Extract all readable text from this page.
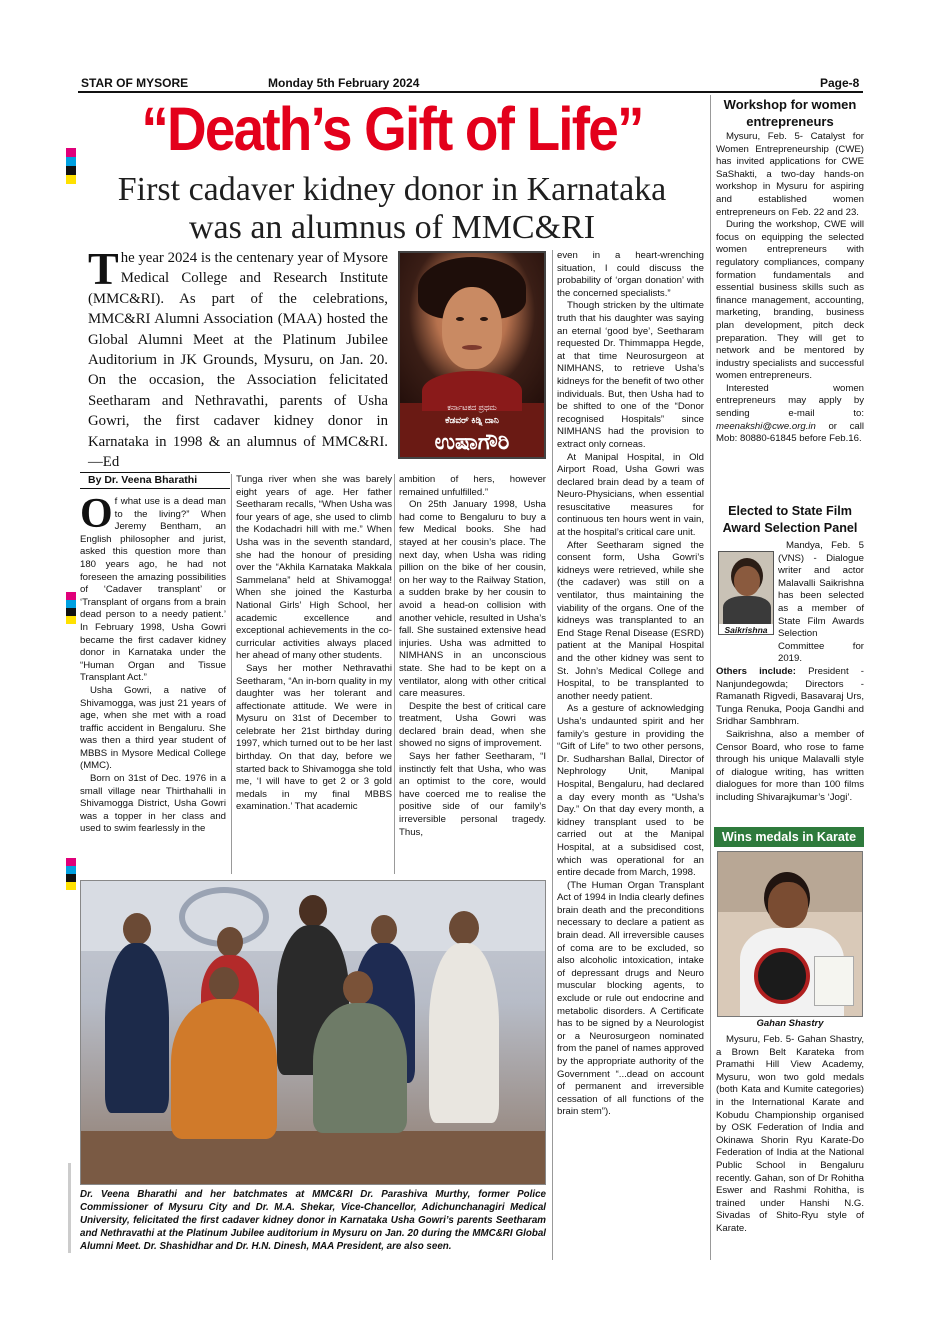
STAR OF MYSORE	Monday 5th February 2024	Page-8
“Death’s Gift of Life”
First cadaver kidney donor in Karnataka
was an alumnus of MMC&RI
T he year 2024 is the centenary year of Mysore Medical College and Research Institute (MMC&RI). As part of the celebrations, MMC&RI Alumni Association (MAA) hosted the Global Alumni Meet at the Platinum Jubilee Auditorium in JK Grounds, Mysuru, on Jan. 20. On the occasion, the Association felicitated Seetharam and Nethravathi, parents of Usha Gowri, the first cadaver kidney donor in Karnataka in 1998 & an alumnus of MMC&RI. —Ed
ಕರ್ನಾಟಕದ ಪ್ರಥಮ
ಕೆಡವರ್ ಕಿಡ್ನಿ ದಾನಿ
ಉಷಾಗೌರಿ
By Dr. Veena Bharathi

O f what use is a dead man to the living?” When Jeremy Bentham, an English philosopher and jurist, asked this question more than 180 years ago, he had not foreseen the amazing possibilities of ‘Cadaver transplant’ or ‘Transplant of organs from a brain dead person to a needy patient.’ In February 1998, Usha Gowri became the first cadaver kidney donor in Karnataka under the “Human Organ and Tissue Transplant Act.”

Usha Gowri, a native of Shivamogga, was just 21 years of age, when she met with a road traffic accident in Bengaluru. She was then a third year student of MBBS in Mysore Medical College (MMC).

Born on 31st of Dec. 1976 in a small village near Thirthahalli in Shivamogga District, Usha Gowri was a topper in her class and used to swim fearlessly in the

Tunga river when she was barely eight years of age. Her father Seetharam recalls, “When Usha was four years of age, she used to climb the Kodachadri hill with me.” When Usha was in the seventh standard, she had the honour of presiding over the “Akhila Karnataka Makkala Sammelana” held at Shivamogga! When she joined the Kasturba National Girls’ High School, her academic excellence and exceptional achievements in the co-curricular activities always placed her ahead of many other students.

Says her mother Nethravathi Seetharam, “An in-born quality in my daughter was her tolerant and affectionate attitude. We were in Mysuru on 31st of December to celebrate her 21st birthday during 1997, which turned out to be her last birthday. On that day, before we started back to Shivamogga she told me, ‘I will have to get 2 or 3 gold medals in my final MBBS examination.’ That academic

ambition of hers, however remained unfulfilled.”

On 25th January 1998, Usha had come to Bengaluru to buy a few Medical books. She had stayed at her cousin’s place. The next day, when Usha was riding pillion on the bike of her cousin, on her way to the Railway Station, a sudden brake by her cousin to avoid a head-on collision with another vehicle, resulted in Usha’s fall. She sustained extensive head injuries. Usha was admitted to NIMHANS in an unconscious state. She had to be kept on a ventilator, along with other critical care measures.

Despite the best of critical care treatment, Usha Gowri was declared brain dead, when she showed no signs of improvement.

Says her father Seetharam, “I instinctly felt that Usha, who was an optimist to the core, would have coerced me to realise the positive side of our family’s irreversible personal tragedy. Thus,

even in a heart-wrenching situation, I could discuss the probability of ‘organ donation’ with the concerned specialists.”

Though stricken by the ultimate truth that his daughter was saying an eternal ‘good bye’, Seetharam requested Dr. Thimmappa Hegde, at that time Neurosurgeon at NIMHANS, to retrieve Usha’s kidneys for the benefit of two other individuals. But, then Usha had to be shifted to one of the “Donor recognised Hospitals” since NIMHANS had the provision to extract only corneas.

At Manipal Hospital, in Old Airport Road, Usha Gowri was declared brain dead by a team of Neuro-Physicians, when essential resuscitative measures for continuous ten hours went in vain, at the hospital’s critical care unit.

After Seetharam signed the consent form, Usha Gowri’s kidneys were retrieved, while she (the cadaver) was still on a ventilator, thus maintaining the viability of the organs. One of the kidneys was transplanted to an End Stage Renal Disease (ESRD) patient at the Manipal Hospital and the other kidney was sent to St. John’s Medical College and Hospital, to be transplanted to another needy patient.

As a gesture of acknowledging Usha’s undaunted spirit and her family’s gesture in providing the “Gift of Life” to two other persons, Dr. Sudharshan Ballal, Director of Nephrology Unit, Manipal Hospital, Bengaluru, had declared a day every month as “Usha’s Day.” On that day every month, a kidney transplant used to be carried out at the Manipal Hospital, at a subsidised cost, which was operational for an entire decade from March, 1998.

(The Human Organ Transplant Act of 1994 in India clearly defines brain death and the preconditions necessary to declare a patient as brain dead. All irreversible causes of coma are to be excluded, so also alcoholic intoxication, intake of depressant drugs and Neuro muscular blocking agents, to exclude or rule out endocrine and metabolic disorders. A Certificate has to be signed by a Neurologist or a Neurosurgeon nominated from the panel of names approved by the appropriate authority of the Government “...dead on account of permanent and irreversible cessation of all functions of the brain stem”).

Dr. Veena Bharathi and her batchmates at MMC&RI Dr. Parashiva Murthy, former Police Commissioner of Mysuru City and Dr. M.A. Shekar, Vice-Chancellor, Adichunchanagiri Medical University, felicitated the first cadaver kidney donor in Karnataka Usha Gowri’s parents Seetharam and Nethravathi at the Platinum Jubilee auditorium in Mysuru on Jan. 20 during the MMC&RI Global Alumni Meet. Dr. Shashidhar and Dr. H.N. Dinesh, MAA President, are also seen.
Workshop for women entrepreneurs

Mysuru, Feb. 5- Catalyst for Women Entrepreneurship (CWE) has invited applications for CWE SaShakti, a two-day hands-on workshop in Mysuru for aspiring and established women entrepreneurs on Feb. 22 and 23.

During the workshop, CWE will focus on equipping the selected women entrepreneurs with regulatory compliances, company formation fundamentals and essential business skills such as finance management, accounting, marketing, branding, business plan development, pitch deck preparation. They will get to network and be mentored by industry specialists and successful women entrepreneurs.

Interested women entrepreneurs may apply by sending e-mail to: meenakshi@cwe.org.in or call Mob: 80880-61845 before Feb.16.

Elected to State Film Award Selection Panel
Saikrishna

Mandya, Feb. 5 (VNS) - Dialogue writer and actor Malavalli Saikrishna has been selected as a member of State Film Awards Selection Committee for 2019.

Others include: President - Nanjundegowda; Directors - Ramanath Rigvedi, Basavaraj Urs, Tunga Renuka, Pooja Gandhi and Sridhar Sambhram.

Saikrishna, also a member of Censor Board, who rose to fame through his unique Malavalli style of dialogue writing, has written dialogues for more than 100 films including Shivarajkumar’s ‘Jogi’.

Wins medals in Karate
Gahan Shastry

Mysuru, Feb. 5- Gahan Shastry, a Brown Belt Karateka from Pramathi Hill View Academy, Mysuru, won two gold medals (both Kata and Kumite categories) in the International Karate and Kobudu Championship organised by OSK Federation of India and Okinawa Shorin Ryu Karate-Do Federation of India at the National Public School in Bengaluru recently. Gahan, son of Dr Rohitha Eswer and Rashmi Rohitha, is trained under Hanshi N.G. Sivadas of Shito-Ryu style of Karate.
